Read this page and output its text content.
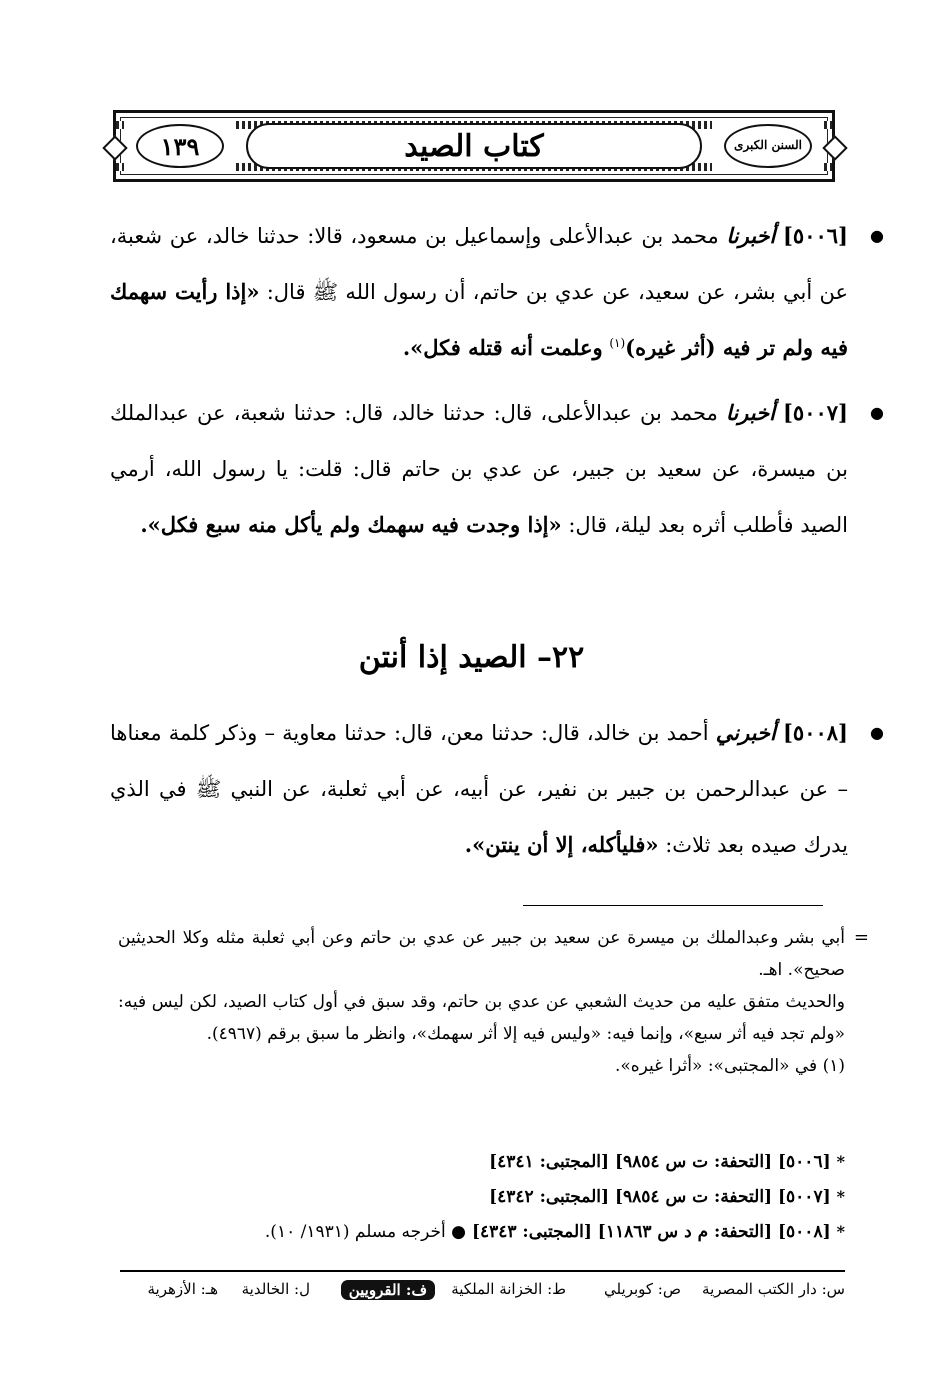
١٣٩	كتاب الصيد	السنن الكبرى
●

[٥٠٠٦] أخبرنا محمد بن عبدالأعلى وإسماعيل بن مسعود، قالا: حدثنا خالد، عن شعبة، عن أبي بشر، عن سعيد، عن عدي بن حاتم، أن رسول الله ﷺ قال: «إذا رأيت سهمك فيه ولم تر فيه (أثر غيره)$^{(١)}$ وعلمت أنه قتله فكل».

●

[٥٠٠٧] أخبرنا محمد بن عبدالأعلى، قال: حدثنا خالد، قال: حدثنا شعبة، عن عبدالملك بن ميسرة، عن سعيد بن جبير، عن عدي بن حاتم قال: قلت: يا رسول الله، أرمي الصيد فأطلب أثره بعد ليلة، قال: «إذا وجدت فيه سهمك ولم يأكل منه سبع فكل».

٢٢– الصيد إذا أنتن
●

[٥٠٠٨] أخبرني أحمد بن خالد، قال: حدثنا معن، قال: حدثنا معاوية – وذكر كلمة معناها – عن عبدالرحمن بن جبير بن نفير، عن أبيه، عن أبي ثعلبة، عن النبي ﷺ في الذي يدرك صيده بعد ثلاث: «فليأكله، إلا أن ينتن».

=

أبي بشر وعبدالملك بن ميسرة عن سعيد بن جبير عن عدي بن حاتم وعن أبي ثعلبة مثله وكلا الحديثين صحيح». اهـ.

والحديث متفق عليه من حديث الشعبي عن عدي بن حاتم، وقد سبق في أول كتاب الصيد، لكن ليس فيه: «ولم تجد فيه أثر سبع»، وإنما فيه: «وليس فيه إلا أثر سهمك»، وانظر ما سبق برقم (٤٩٦٧).

(١) في «المجتبى»: «أثرا غيره».

*[٥٠٠٦] [التحفة: ت س ٩٨٥٤] [المجتبى: ٤٣٤١]
*[٥٠٠٧] [التحفة: ت س ٩٨٥٤] [المجتبى: ٤٣٤٢]
*[٥٠٠٨] [التحفة: م د س ١١٨٦٣] [المجتبى: ٤٣٤٣] ● أخرجه مسلم (١٩٣١/ ١٠).
س: دار الكتب المصرية
ص: كوبريلي
ط: الخزانة الملكية
ف: القرويين
ل: الخالدية
هـ: الأزهرية
